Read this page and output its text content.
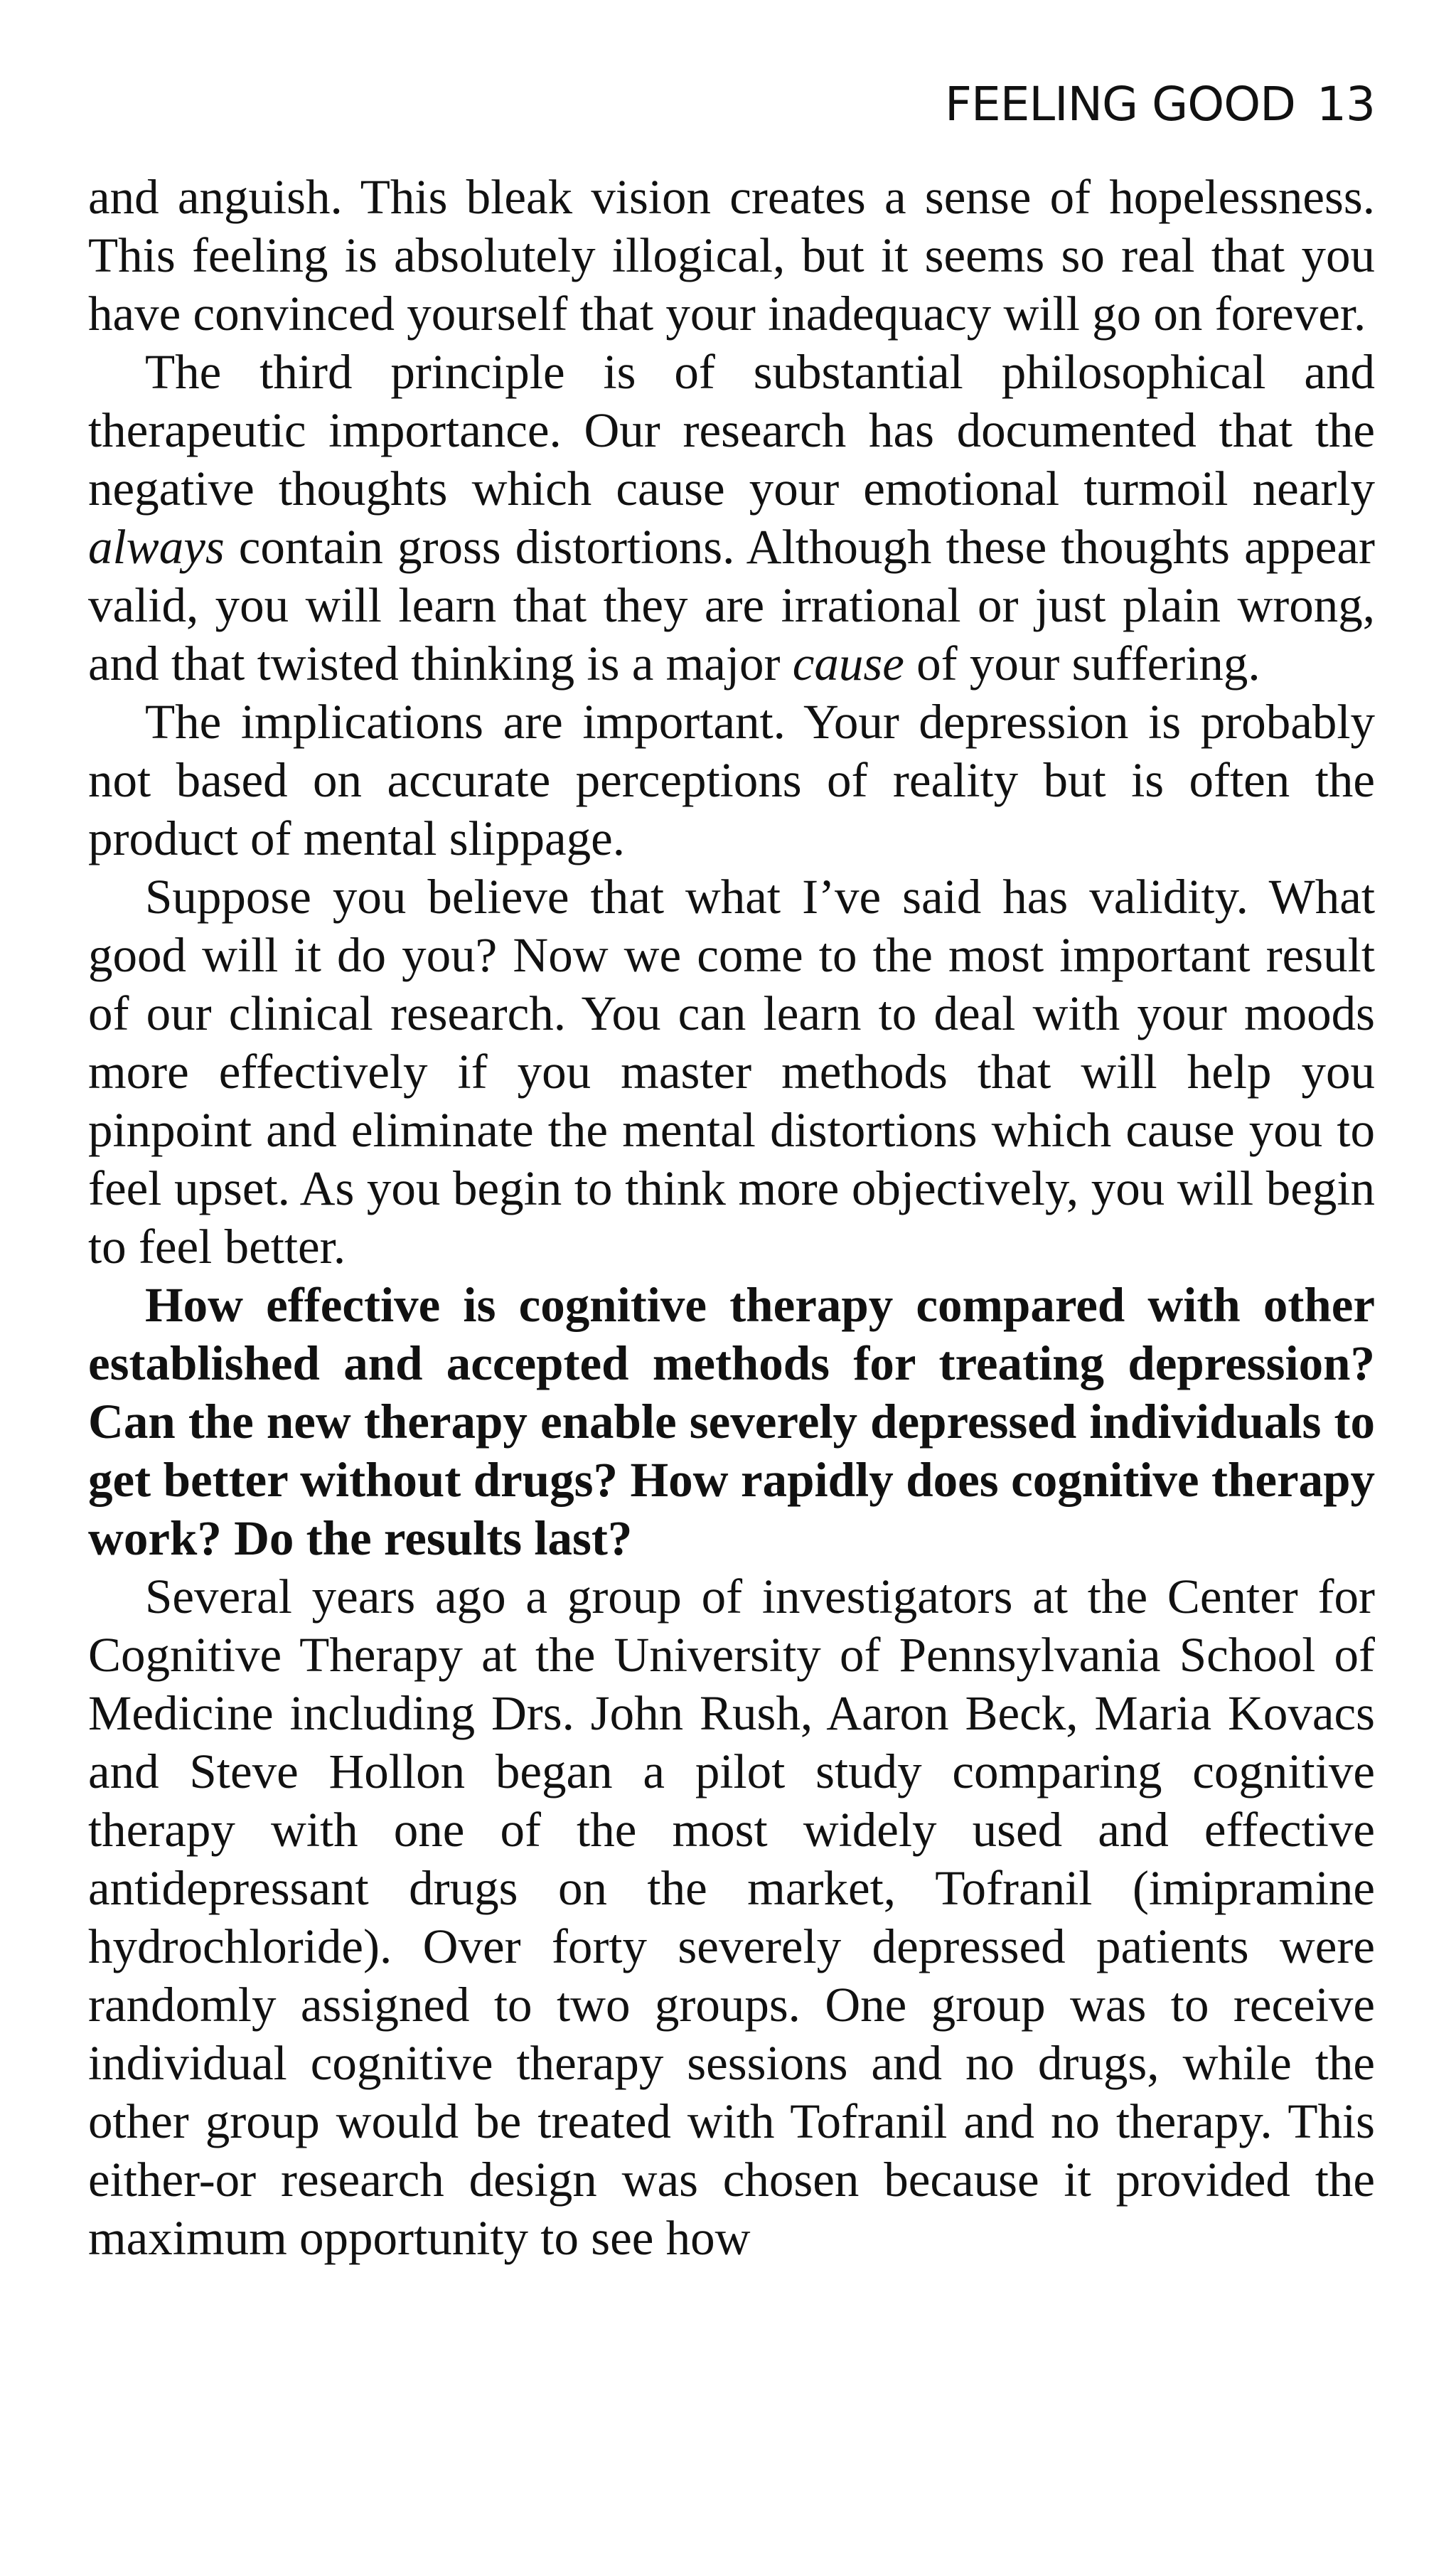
FEELING GOOD 13

and anguish. This bleak vision creates a sense of hopelessness. This feeling is absolutely illogical, but it seems so real that you have convinced yourself that your inadequacy will go on forever.

The third principle is of substantial philosophical and therapeutic importance. Our research has documented that the negative thoughts which cause your emotional turmoil nearly always contain gross distortions. Although these thoughts appear valid, you will learn that they are irrational or just plain wrong, and that twisted thinking is a major cause of your suffering.

The implications are important. Your depression is probably not based on accurate perceptions of reality but is often the product of mental slippage.

Suppose you believe that what I’ve said has validity. What good will it do you? Now we come to the most important result of our clinical research. You can learn to deal with your moods more effectively if you master methods that will help you pinpoint and eliminate the mental distortions which cause you to feel upset. As you begin to think more objectively, you will begin to feel better.

How effective is cognitive therapy compared with other established and accepted methods for treating depression? Can the new therapy enable severely depressed individuals to get better without drugs? How rapidly does cognitive therapy work? Do the results last?

Several years ago a group of investigators at the Center for Cognitive Therapy at the University of Pennsylvania School of Medicine including Drs. John Rush, Aaron Beck, Maria Kovacs and Steve Hollon began a pilot study comparing cognitive therapy with one of the most widely used and effective antidepressant drugs on the market, Tofranil (imipramine hydrochloride). Over forty severely depressed patients were randomly assigned to two groups. One group was to receive individual cognitive therapy sessions and no drugs, while the other group would be treated with Tofranil and no therapy. This either-or research design was chosen because it provided the maximum opportunity to see how
